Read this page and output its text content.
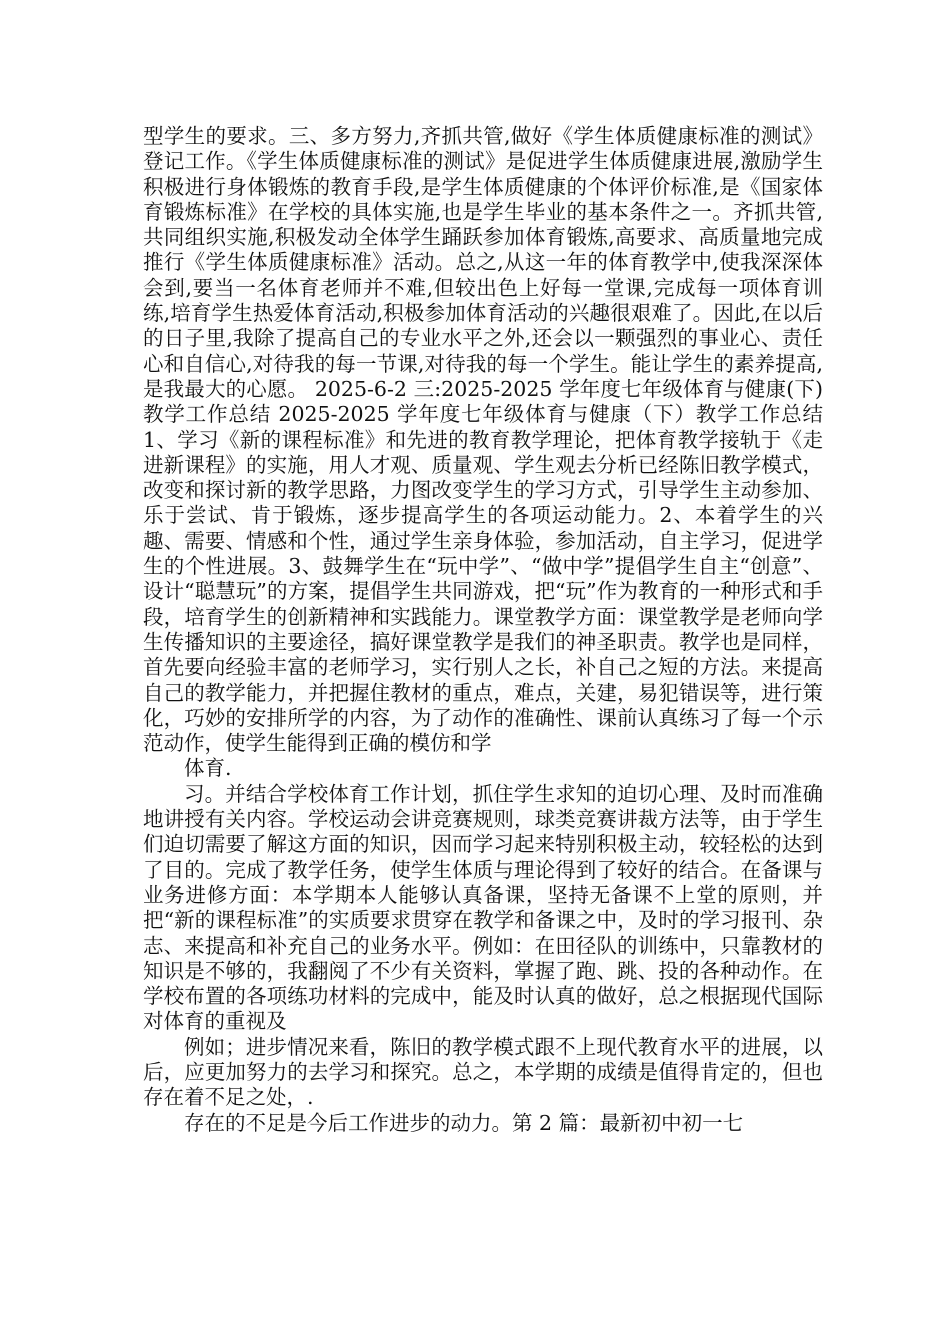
型学生的要求。三、多方努力,齐抓共管,做好《学生体质健康标准的测试》登记工作。《学生体质健康标准的测试》是促进学生体质健康进展,激励学生积极进行身体锻炼的教育手段,是学生体质健康的个体评价标准,是《国家体育锻炼标准》在学校的具体实施,也是学生毕业的基本条件之一。齐抓共管,共同组织实施,积极发动全体学生踊跃参加体育锻炼,高要求、高质量地完成推行《学生体质健康标准》活动。总之,从这一年的体育教学中,使我深深体会到,要当一名体育老师并不难,但较出色上好每一堂课,完成每一项体育训练,培育学生热爱体育活动,积极参加体育活动的兴趣很艰难了。因此,在以后的日子里,我除了提高自己的专业水平之外,还会以一颗强烈的事业心、责任心和自信心,对待我的每一节课,对待我的每一个学生。能让学生的素养提高,是我最大的心愿。 2025-6-2 三:2025-2025 学年度七年级体育与健康(下)教学工作总结 2025-2025 学年度七年级体育与健康（下）教学工作总结 1、学习《新的课程标准》和先进的教育教学理论，把体育教学接轨于《走进新课程》的实施，用人才观、质量观、学生观去分析已经陈旧教学模式，改变和探讨新的教学思路，力图改变学生的学习方式，引导学生主动参加、乐于尝试、肯于锻炼，逐步提高学生的各项运动能力。2、本着学生的兴趣、需要、情感和个性，通过学生亲身体验，参加活动，自主学习，促进学生的个性进展。3、鼓舞学生在“玩中学”、“做中学”提倡学生自主“创意”、设计“聪慧玩”的方案，提倡学生共同游戏，把“玩”作为教育的一种形式和手段，培育学生的创新精神和实践能力。课堂教学方面：课堂教学是老师向学生传播知识的主要途径，搞好课堂教学是我们的神圣职责。教学也是同样，首先要向经验丰富的老师学习，实行别人之长，补自己之短的方法。来提高自己的教学能力，并把握住教材的重点，难点，关建，易犯错误等，进行策化，巧妙的安排所学的内容，为了动作的准确性、课前认真练习了每一个示范动作，使学生能得到正确的模仿和学

体育.

习。并结合学校体育工作计划，抓住学生求知的迫切心理、及时而准确地讲授有关内容。学校运动会讲竞赛规则，球类竞赛讲裁方法等，由于学生们迫切需要了解这方面的知识，因而学习起来特别积极主动，较轻松的达到了目的。完成了教学任务，使学生体质与理论得到了较好的结合。在备课与业务进修方面：本学期本人能够认真备课，坚持无备课不上堂的原则，并把“新的课程标准”的实质要求贯穿在教学和备课之中，及时的学习报刊、杂志、来提高和补充自己的业务水平。例如：在田径队的训练中，只靠教材的知识是不够的，我翻阅了不少有关资料，掌握了跑、跳、投的各种动作。在学校布置的各项练功材料的完成中，能及时认真的做好，总之根据现代国际对体育的重视及

例如；进步情况来看，陈旧的教学模式跟不上现代教育水平的进展，以后，应更加努力的去学习和探究。总之，本学期的成绩是值得肯定的，但也存在着不足之处，.

存在的不足是今后工作进步的动力。第 2 篇：最新初中初一七
